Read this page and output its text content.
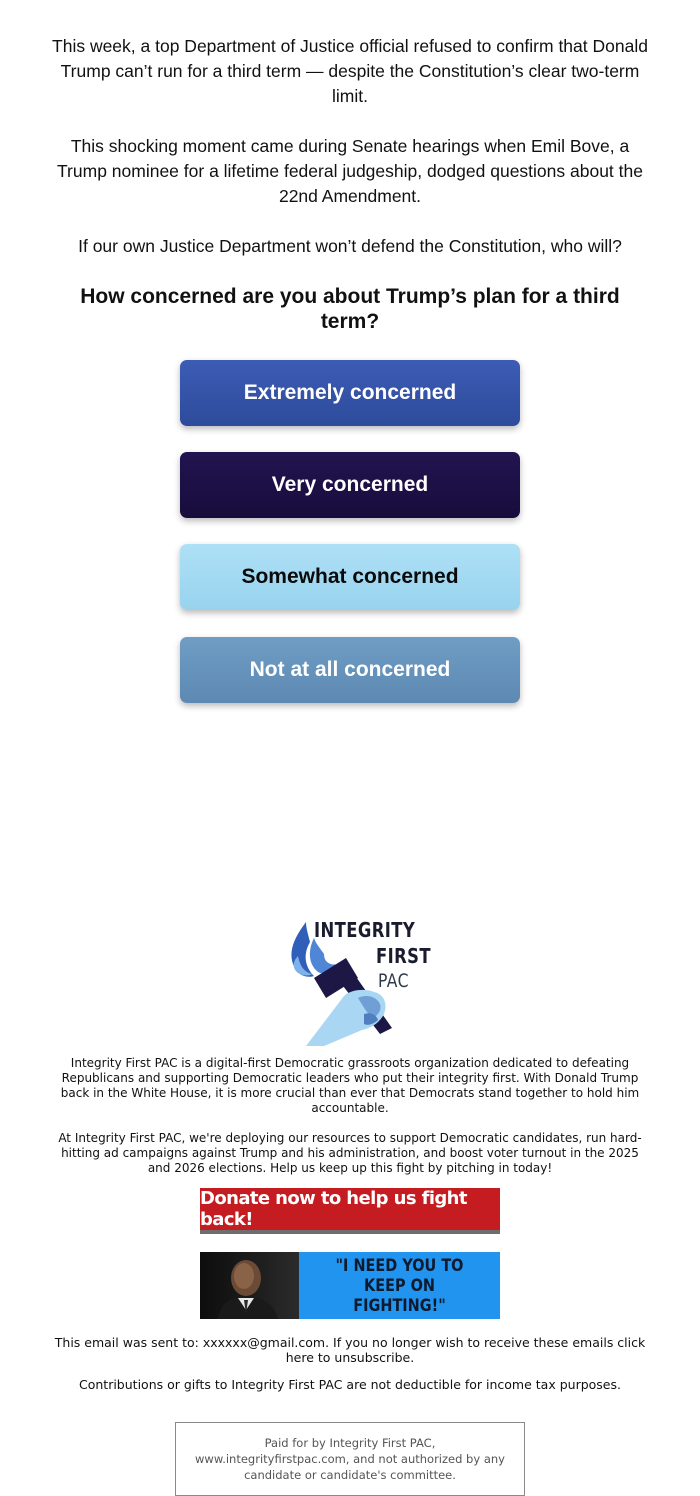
This week, a top Department of Justice official refused to confirm that Donald Trump can’t run for a third term — despite the Constitution’s clear two-term limit.

This shocking moment came during Senate hearings when Emil Bove, a Trump nominee for a lifetime federal judgeship, dodged questions about the 22nd Amendment.

If our own Justice Department won’t defend the Constitution, who will?

How concerned are you about Trump’s plan for a third term?
Extremely concerned
Very concerned
Somewhat concerned
Not at all concerned
INTEGRITY
FIRST
PAC

Integrity First PAC is a digital-first Democratic grassroots organization dedicated to defeating Republicans and supporting Democratic leaders who put their integrity first. With Donald Trump back in the White House, it is more crucial than ever that Democrats stand together to hold him accountable.

At Integrity First PAC, we're deploying our resources to support Democratic candidates, run hard-hitting ad campaigns against Trump and his administration, and boost voter turnout in the 2025 and 2026 elections. Help us keep up this fight by pitching in today!

Donate now to help us fight back!
"I NEED YOU TO KEEP ON FIGHTING!"

This email was sent to: xxxxxx@gmail.com. If you no longer wish to receive these emails click here to unsubscribe.

Contributions or gifts to Integrity First PAC are not deductible for income tax purposes.

Paid for by Integrity First PAC, www.integrityfirstpac.com, and not authorized by any candidate or candidate's committee.
